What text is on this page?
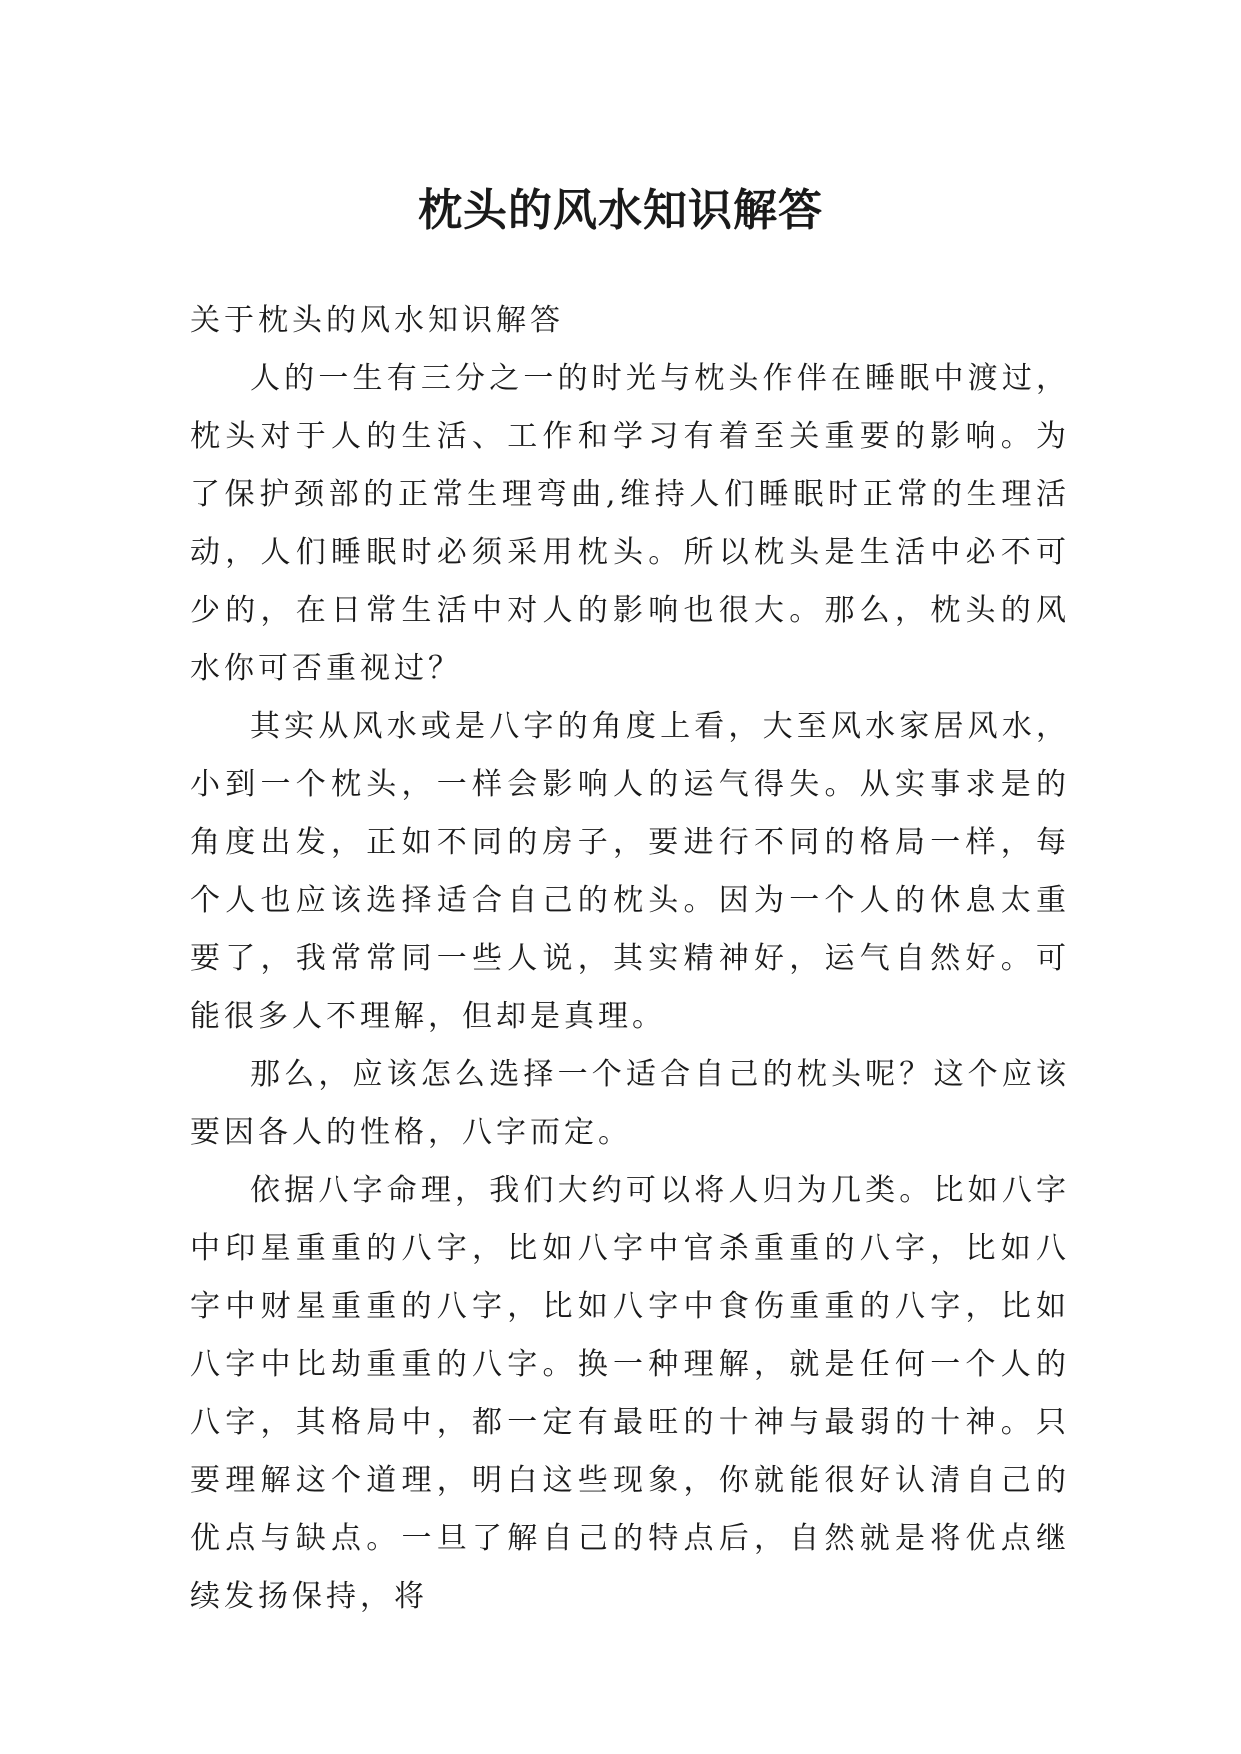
枕头的风水知识解答

关于枕头的风水知识解答

人的一生有三分之一的时光与枕头作伴在睡眠中渡过，枕头对于人的生活、工作和学习有着至关重要的影响。为了保护颈部的正常生理弯曲,维持人们睡眠时正常的生理活动，人们睡眠时必须采用枕头。所以枕头是生活中必不可少的，在日常生活中对人的影响也很大。那么，枕头的风水你可否重视过？

其实从风水或是八字的角度上看，大至风水家居风水，小到一个枕头，一样会影响人的运气得失。从实事求是的角度出发，正如不同的房子，要进行不同的格局一样，每个人也应该选择适合自己的枕头。因为一个人的休息太重要了，我常常同一些人说，其实精神好，运气自然好。可能很多人不理解，但却是真理。

那么，应该怎么选择一个适合自己的枕头呢？这个应该要因各人的性格，八字而定。

依据八字命理，我们大约可以将人归为几类。比如八字中印星重重的八字，比如八字中官杀重重的八字，比如八字中财星重重的八字，比如八字中食伤重重的八字，比如八字中比劫重重的八字。换一种理解，就是任何一个人的八字，其格局中，都一定有最旺的十神与最弱的十神。只要理解这个道理，明白这些现象，你就能很好认清自己的优点与缺点。一旦了解自己的特点后，自然就是将优点继续发扬保持，将
